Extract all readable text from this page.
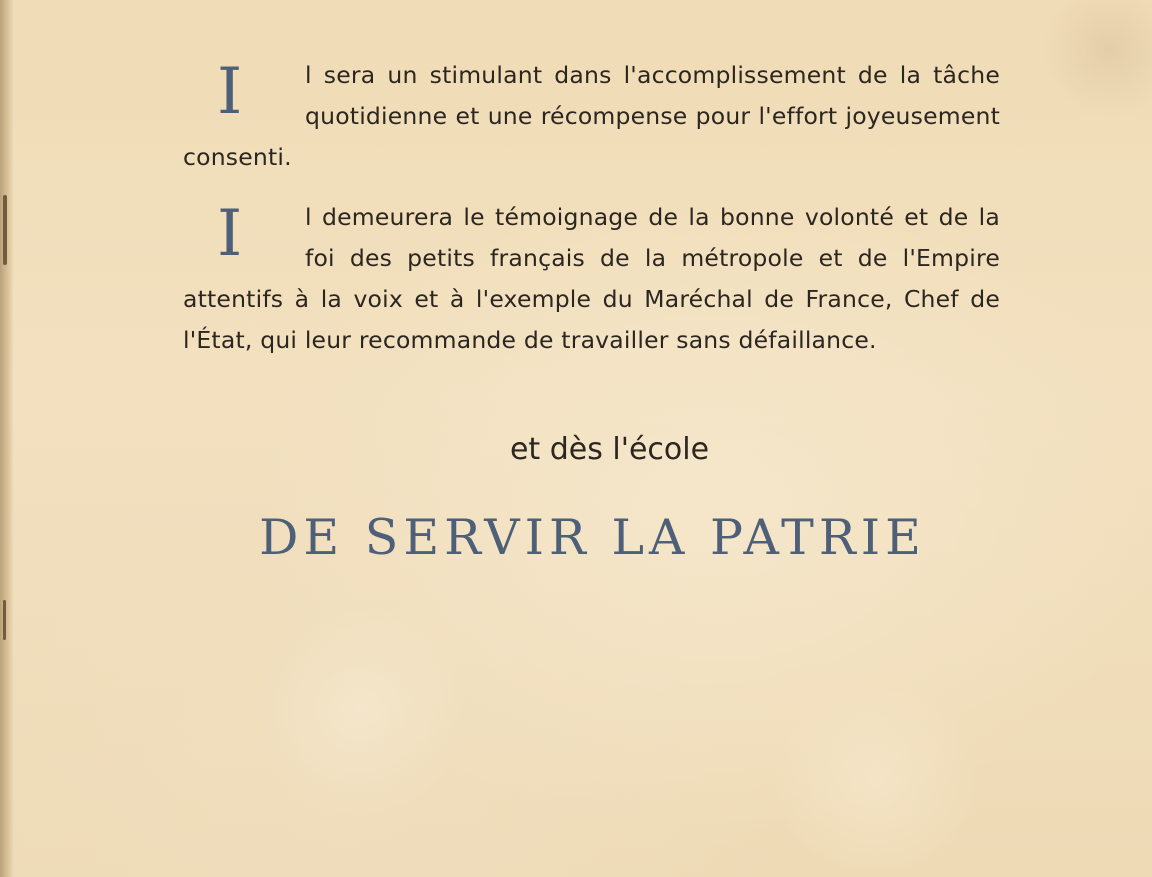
I	l sera un stimulant dans l'accomplissement de la tâche quotidienne et une récompense pour l'effort joyeusement consenti.
I	l demeurera le témoignage de la bonne volonté et de la foi des petits français de la métropole et de l'Empire attentifs à la voix et à l'exemple du Maréchal de France, Chef de l'État, qui leur recommande de travailler sans défaillance.
et dès l'école
DE SERVIR LA PATRIE
